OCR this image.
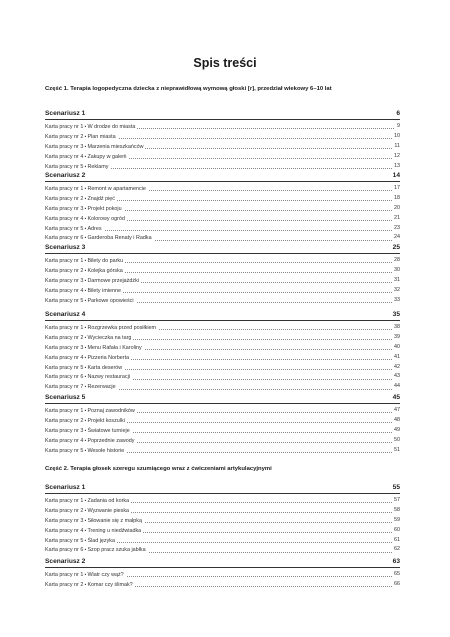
Spis treści
Część 1. Terapia logopedyczna dziecka z nieprawidłową wymową głoski [r], przedział wiekowy 6–10 lat
Część 2. Terapia głosek szeregu szumiącego wraz z ćwiczeniami artykulacyjnymi
Scenariusz 1	6
Karta pracy nr 1 • W drodze do miasta	9
Karta pracy nr 2 • Plan miasta	10
Karta pracy nr 3 • Marzenia mieszkańców	11
Karta pracy nr 4 • Zakupy w galerii	12
Karta pracy nr 5 • Reklamy	13
Scenariusz 2	14
Karta pracy nr 1 • Remont w apartamencie	17
Karta pracy nr 2 • Znajdź pięć	18
Karta pracy nr 3 • Projekt pokoju	20
Karta pracy nr 4 • Kolorowy ogród	21
Karta pracy nr 5 • Adres	23
Karta pracy nr 6 • Garderoba Renaty i Radka	24
Scenariusz 3	25
Karta pracy nr 1 • Bilety do parku	28
Karta pracy nr 2 • Kolejka górska	30
Karta pracy nr 3 • Darmowe przejażdżki	31
Karta pracy nr 4 • Bilety imienne	32
Karta pracy nr 5 • Parkowe opowieści	33
Scenariusz 4	35
Karta pracy nr 1 • Rozgrzewka przed posiłkiem	38
Karta pracy nr 2 • Wycieczka na targ	39
Karta pracy nr 3 • Menu Rafała i Karoliny	40
Karta pracy nr 4 • Pizzeria Norberta	41
Karta pracy nr 5 • Karta deserów	42
Karta pracy nr 6 • Nazwy restauracji	43
Karta pracy nr 7 • Rezerwacje	44
Scenariusz 5	45
Karta pracy nr 1 • Poznaj zawodników	47
Karta pracy nr 2 • Projekt koszulki	48
Karta pracy nr 3 • Światowe turnieje	49
Karta pracy nr 4 • Poprzednie zawody	50
Karta pracy nr 5 • Wesołe historie	51
Scenariusz 1	55
Karta pracy nr 1 • Zadania od korka	57
Karta pracy nr 2 • Wyzwanie pieska	58
Karta pracy nr 3 • Siłowanie się z małpką	59
Karta pracy nr 4 • Trening u niedźwiadka	60
Karta pracy nr 5 • Ślad języka	61
Karta pracy nr 6 • Szop pracz szuka jabłka	62
Scenariusz 2	63
Karta pracy nr 1 • Wiatr czy wąż?	65
Karta pracy nr 2 • Komar czy ślimak?	66
